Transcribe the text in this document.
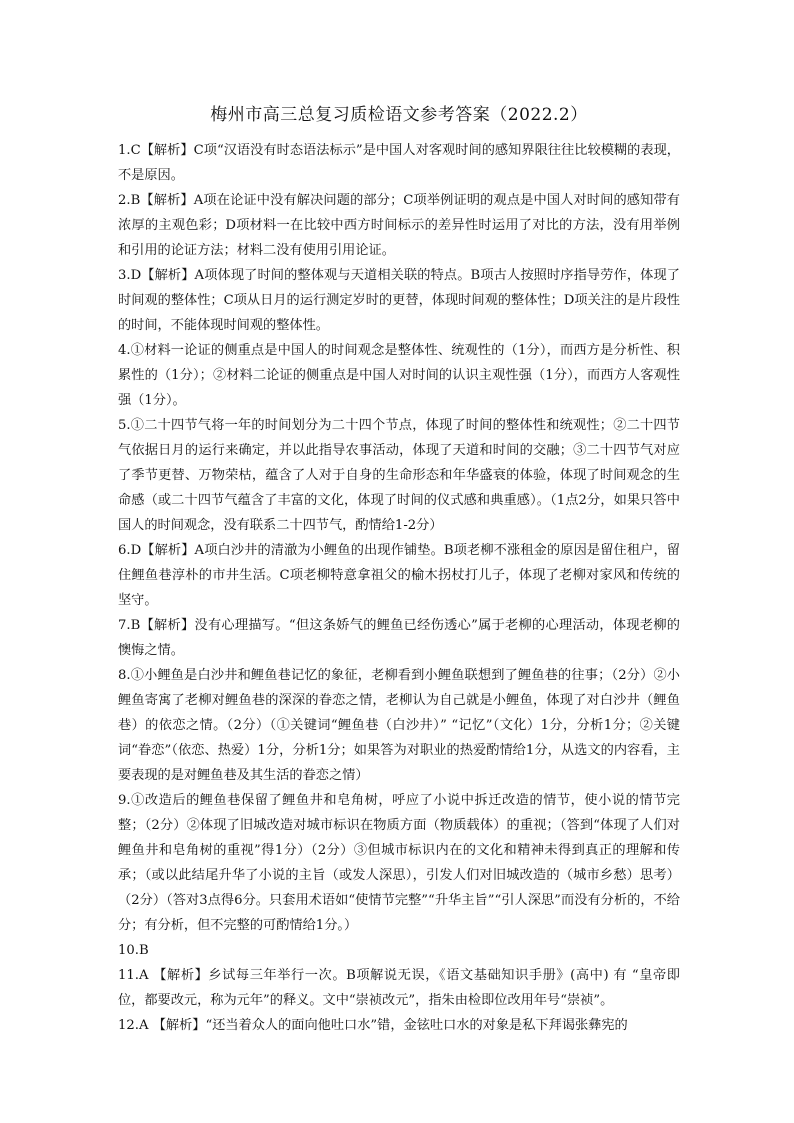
梅州市高三总复习质检语文参考答案（2022.2）

1.C【解析】C项“汉语没有时态语法标示”是中国人对客观时间的感知界限往往比较模糊的表现，不是原因。

2.B【解析】A项在论证中没有解决问题的部分；C项举例证明的观点是中国人对时间的感知带有浓厚的主观色彩；D项材料一在比较中西方时间标示的差异性时运用了对比的方法，没有用举例和引用的论证方法；材料二没有使用引用论证。

3.D【解析】A项体现了时间的整体观与天道相关联的特点。B项古人按照时序指导劳作，体现了时间观的整体性；C项从日月的运行测定岁时的更替，体现时间观的整体性；D项关注的是片段性的时间，不能体现时间观的整体性。

4.①材料一论证的侧重点是中国人的时间观念是整体性、统观性的（1分），而西方是分析性、积累性的（1分）；②材料二论证的侧重点是中国人对时间的认识主观性强（1分），而西方人客观性强（1分）。

5.①二十四节气将一年的时间划分为二十四个节点，体现了时间的整体性和统观性；②二十四节气依据日月的运行来确定，并以此指导农事活动，体现了天道和时间的交融；③二十四节气对应了季节更替、万物荣枯，蕴含了人对于自身的生命形态和年华盛衰的体验，体现了时间观念的生命感（或二十四节气蕴含了丰富的文化，体现了时间的仪式感和典重感）。（1点2分，如果只答中国人的时间观念，没有联系二十四节气，酌情给1-2分）

6.D【解析】A项白沙井的清澈为小鲤鱼的出现作铺垫。B项老柳不涨租金的原因是留住租户，留住鲤鱼巷淳朴的市井生活。C项老柳特意拿祖父的榆木拐杖打儿子，体现了老柳对家风和传统的坚守。

7.B【解析】没有心理描写。“但这条娇气的鲤鱼已经伤透心”属于老柳的心理活动，体现老柳的懊悔之情。

8.①小鲤鱼是白沙井和鲤鱼巷记忆的象征，老柳看到小鲤鱼联想到了鲤鱼巷的往事；（2分）②小鲤鱼寄寓了老柳对鲤鱼巷的深深的眷恋之情，老柳认为自己就是小鲤鱼，体现了对白沙井（鲤鱼巷）的依恋之情。（2分）（①关键词“鲤鱼巷（白沙井）” “记忆”（文化）1分，分析1分；②关键词“眷恋”（依恋、热爱）1分，分析1分；如果答为对职业的热爱酌情给1分，从选文的内容看，主要表现的是对鲤鱼巷及其生活的眷恋之情）

9.①改造后的鲤鱼巷保留了鲤鱼井和皂角树，呼应了小说中拆迁改造的情节，使小说的情节完整；（2分）②体现了旧城改造对城市标识在物质方面（物质载体）的重视；（答到“体现了人们对鲤鱼井和皂角树的重视”得1分）（2分）③但城市标识内在的文化和精神未得到真正的理解和传承；（或以此结尾升华了小说的主旨（或发人深思），引发人们对旧城改造的（城市乡愁）思考）（2分）（答对3点得6分。只套用术语如“使情节完整”“升华主旨”“引人深思”而没有分析的，不给分；有分析，但不完整的可酌情给1分。）

10.B

11.A 【解析】乡试每三年举行一次。B项解说无误，《语文基础知识手册》(高中) 有 “皇帝即位，都要改元，称为元年”的释义。文中“崇祯改元”，指朱由检即位改用年号“崇祯”。

12.A 【解析】“还当着众人的面向他吐口水”错，金铉吐口水的对象是私下拜谒张彝宪的
